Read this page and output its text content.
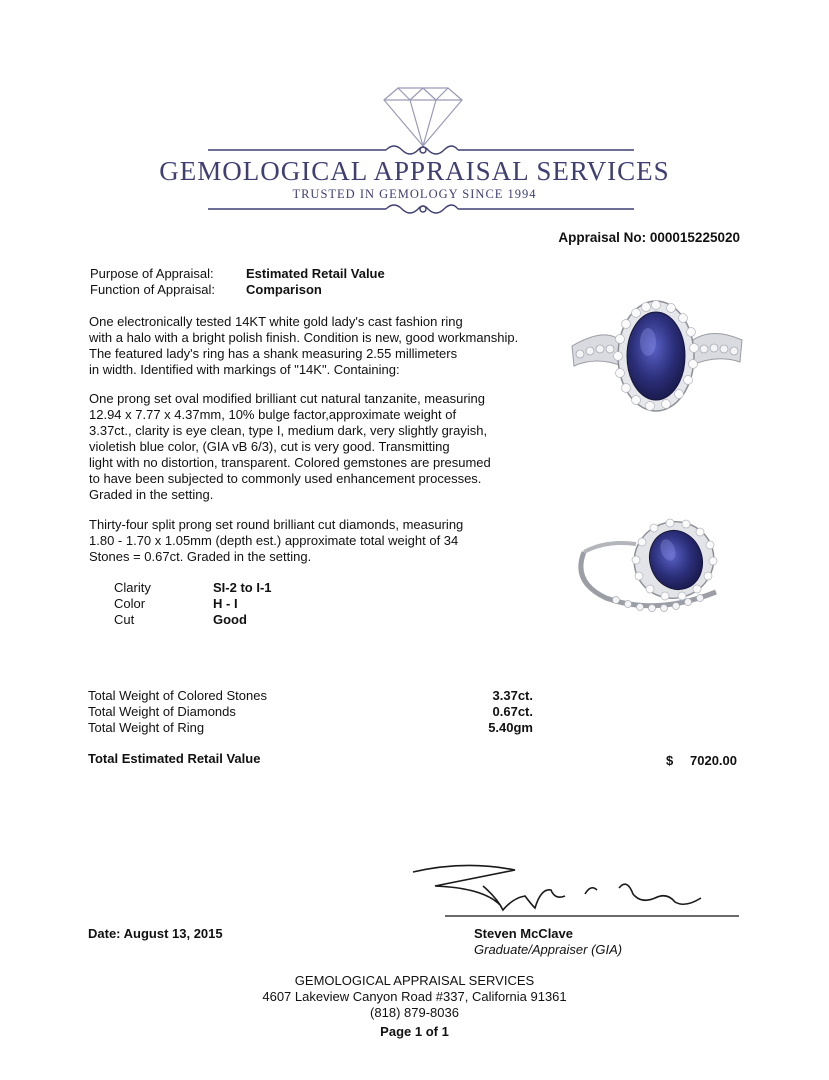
GEMOLOGICAL APPRAISAL SERVICES
TRUSTED IN GEMOLOGY SINCE 1994
Appraisal No: 000015225020
Purpose of Appraisal: Estimated Retail Value
Function of Appraisal: Comparison
One electronically tested 14KT white gold lady's cast fashion ring
with a halo with a bright polish finish. Condition is new, good workmanship.
The featured lady's ring has a shank measuring 2.55 millimeters
in width. Identified with markings of "14K". Containing:
One prong set oval modified brilliant cut natural tanzanite, measuring
12.94 x 7.77 x 4.37mm, 10% bulge factor,approximate weight of
3.37ct., clarity is eye clean, type I, medium dark, very slightly grayish,
violetish blue color, (GIA vB 6/3), cut is very good. Transmitting
light with no distortion, transparent. Colored gemstones are presumed
to have been subjected to commonly used enhancement processes.
Graded in the setting.
Thirty-four split prong set round brilliant cut diamonds, measuring
1.80 - 1.70 x 1.05mm (depth est.) approximate total weight of 34
Stones = 0.67ct. Graded in the setting.
Clarity	SI-2 to I-1
Color	H - I
Cut	Good
Total Weight of Colored Stones	3.37ct.
Total Weight of Diamonds	0.67ct.
Total Weight of Ring	5.40gm
Total Estimated Retail Value	$ 7020.00
Date: August 13, 2015	Steven McClave
Graduate/Appraiser (GIA)
GEMOLOGICAL APPRAISAL SERVICES
4607 Lakeview Canyon Road #337, California 91361
(818) 879-8036
Page 1 of 1
